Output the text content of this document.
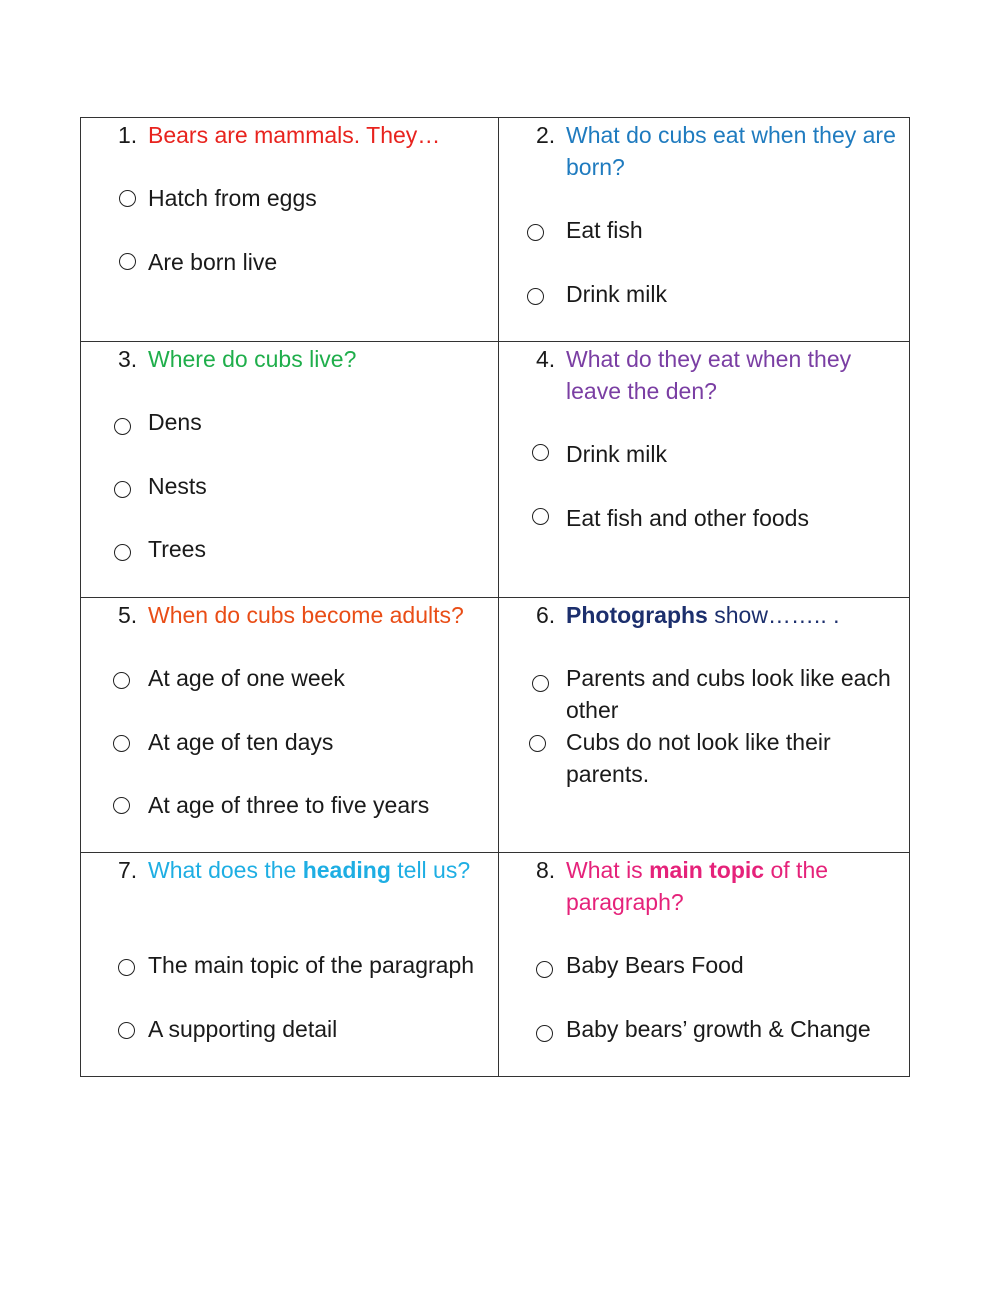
1. Bears are mammals. They…
Hatch from eggs
Are born live
2. What do cubs eat when they are born?
Eat fish
Drink milk
3. Where do cubs live?
Dens
Nests
Trees
4. What do they eat when they leave the den?
Drink milk
Eat fish and other foods
5. When do cubs become adults?
At age of one week
At age of ten days
At age of three to five years
6. Photographs show…….. .
Parents and cubs look like each other
Cubs do not look like their parents.
7. What does the heading tell us?
The main topic of the paragraph
A supporting detail
8. What is main topic of the paragraph?
Baby Bears Food
Baby bears’ growth & Change
